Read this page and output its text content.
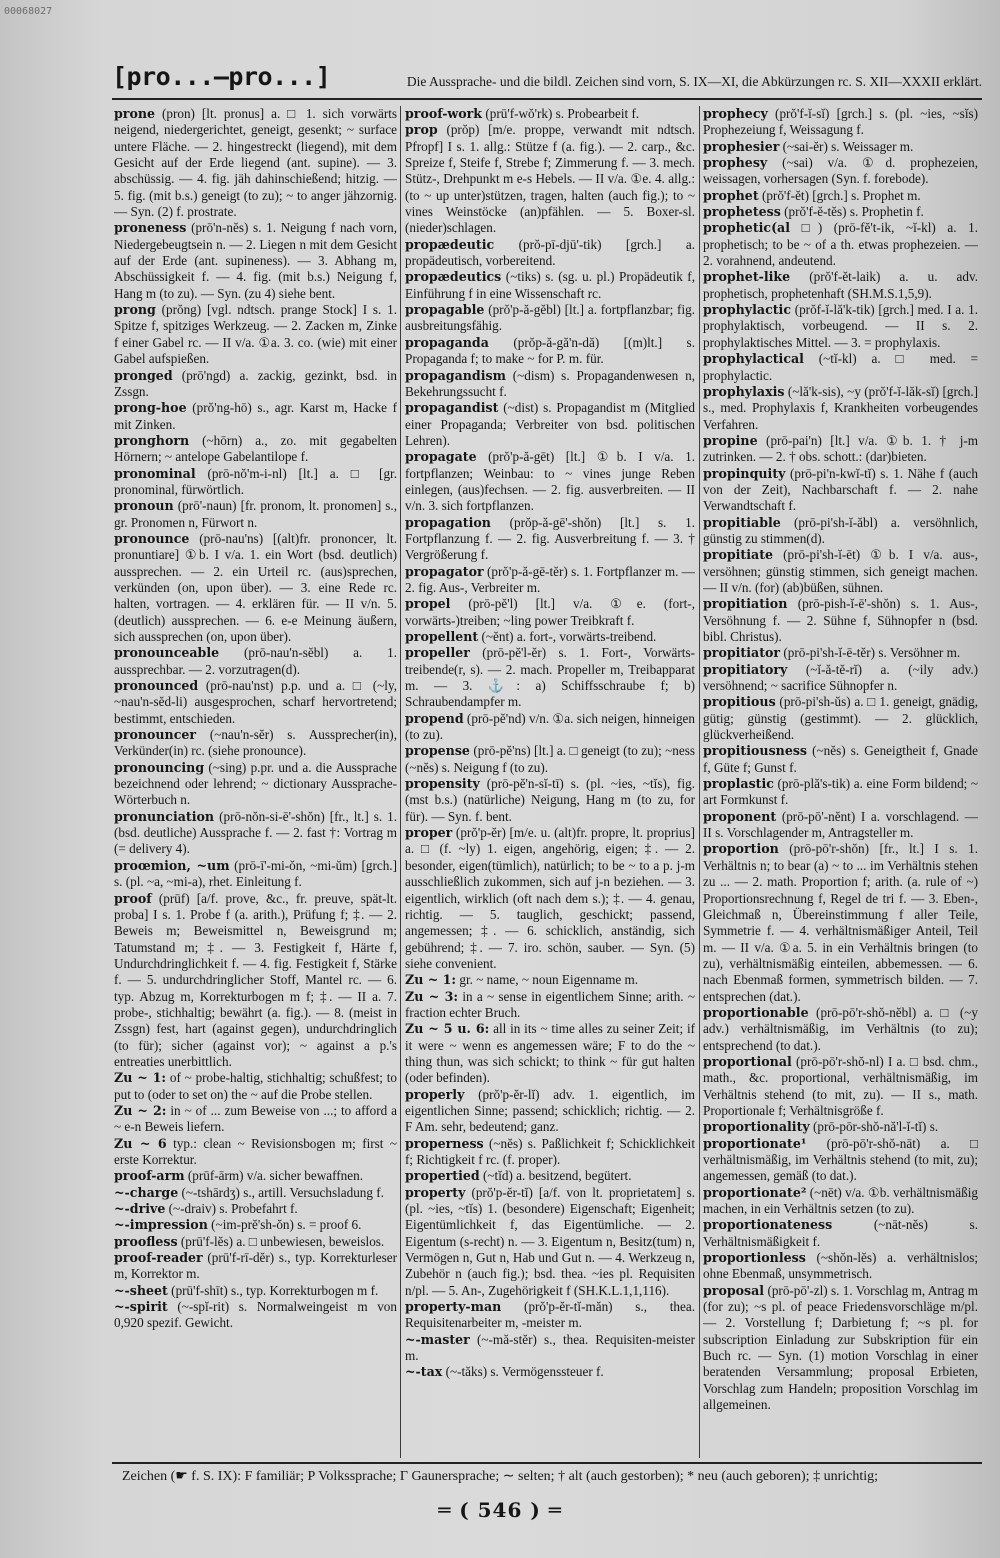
00068027
[pro...—pro...]	Die Aussprache- und die bildl. Zeichen sind vorn, S. IX—XI, die Abkürzungen rc. S. XII—XXXII erklärt.

prone (pron) [lt. pronus] a. □ 1. sich vorwärts neigend, niedergerichtet, geneigt, gesenkt; ~ surface untere Fläche. — 2. hingestreckt (liegend), mit dem Gesicht auf der Erde liegend (ant. supine). — 3. abschüssig. — 4. fig. jäh dahinschießend; hitzig. — 5. fig. (mit b.s.) geneigt (to zu); ~ to anger jähzornig. — Syn. (2) f. prostrate.

proneness (prō'n-nĕs) s. 1. Neigung f nach vorn, Niedergebeugtsein n. — 2. Liegen n mit dem Gesicht auf der Erde (ant. supineness). — 3. Abhang m, Abschüssigkeit f. — 4. fig. (mit b.s.) Neigung f, Hang m (to zu). — Syn. (zu 4) siehe bent.

prong (prŏng) [vgl. ndtsch. prange Stock] I s. 1. Spitze f, spitziges Werkzeug. — 2. Zacken m, Zinke f einer Gabel rc. — II v/a. ①a. 3. co. (wie) mit einer Gabel aufspießen.

pronged (prō'ngd) a. zackig, gezinkt, bsd. in Zssgn.

prong-hoe (prŏ'ng-hō) s., agr. Karst m, Hacke f mit Zinken.

pronghorn (~hōrn) a., zo. mit gegabelten Hörnern; ~ antelope Gabelantilope f.

pronominal (prō-nŏ'm-i-nl) [lt.] a. □ [gr. pronominal, fürwörtlich.

pronoun (prō'-naun) [fr. pronom, lt. pronomen] s., gr. Pronomen n, Fürwort n.

pronounce (prō-nau'ns) [(alt)fr. prononcer, lt. pronuntiare] ①b. I v/a. 1. ein Wort (bsd. deutlich) aussprechen. — 2. ein Urteil rc. (aus)sprechen, verkünden (on, upon über). — 3. eine Rede rc. halten, vortragen. — 4. erklären für. — II v/n. 5. (deutlich) aussprechen. — 6. e-e Meinung äußern, sich aussprechen (on, upon über).

pronounceable (prō-nau'n-sĕbl) a. 1. aussprechbar. — 2. vorzutragen(d).

pronounced (prō-nau'nst) p.p. und a. □ (~ly, ~nau'n-sĕd-li) ausgesprochen, scharf hervortretend; bestimmt, entschieden.

pronouncer (~nau'n-sĕr) s. Aussprecher(in), Verkünder(in) rc. (siehe pronounce).

pronouncing (~sing) p.pr. und a. die Aussprache bezeichnend oder lehrend; ~ dictionary Aussprache-Wörterbuch n.

pronunciation (prō-nŏn-si-ē'-shŏn) [fr., lt.] s. 1. (bsd. deutliche) Aussprache f. — 2. fast †: Vortrag m (= delivery 4).

proœmion, ~um (prō-ī'-mi-ŏn, ~mi-ŭm) [grch.] s. (pl. ~a, ~mi-a), rhet. Einleitung f.

proof (prūf) [a/f. prove, &c., fr. preuve, spät-lt. proba] I s. 1. Probe f (a. arith.), Prüfung f; ‡. — 2. Beweis m; Beweismittel n, Beweisgrund m; Tatumstand m; ‡. — 3. Festigkeit f, Härte f, Undurchdringlichkeit f. — 4. fig. Festigkeit f, Stärke f. — 5. undurchdringlicher Stoff, Mantel rc. — 6. typ. Abzug m, Korrekturbogen m f; ‡. — II a. 7. probe-, stichhaltig; bewährt (a. fig.). — 8. (meist in Zssgn) fest, hart (against gegen), undurchdringlich (to für); sicher (against vor); ~ against a p.'s entreaties unerbittlich.

Zu ~ 1: of ~ probe-haltig, stichhaltig; schußfest; to put to (oder to set on) the ~ auf die Probe stellen.

Zu ~ 2: in ~ of ... zum Beweise von ...; to afford a ~ e-n Beweis liefern.

Zu ~ 6 typ.: clean ~ Revisionsbogen m; first ~ erste Korrektur.

proof-arm (prūf-ārm) v/a. sicher bewaffnen.

~-charge (~-tshārdʒ) s., artill. Versuchsladung f.

~-drive (~-draiv) s. Probefahrt f.

~-impression (~im-prĕ'sh-ŏn) s. = proof 6.

proofless (prū'f-lĕs) a. □ unbewiesen, beweislos.

proof-reader (prū'f-rī-dĕr) s., typ. Korrekturleser m, Korrektor m.

~-sheet (prū'f-shīt) s., typ. Korrekturbogen m f.

~-spirit (~-spĭ-rit) s. Normalweingeist m von 0,920 spezif. Gewicht.

proof-work (prū'f-wŏ'rk) s. Probearbeit f.

prop (prŏp) [m/e. proppe, verwandt mit ndtsch. Pfropf] I s. 1. allg.: Stütze f (a. fig.). — 2. carp., &c. Spreize f, Steife f, Strebe f; Zimmerung f. — 3. mech. Stütz-, Drehpunkt m e-s Hebels. — II v/a. ①e. 4. allg.: (to ~ up unter)stützen, tragen, halten (auch fig.); to ~ vines Weinstöcke (an)pfählen. — 5. Boxer-sl. (nieder)schlagen.

propædeutic (prŏ-pī-djū'-tik) [grch.] a. propädeutisch, vorbereitend.

propædeutics (~tiks) s. (sg. u. pl.) Propädeutik f, Einführung f in eine Wissenschaft rc.

propagable (prŏ'p-ă-gĕbl) [lt.] a. fortpflanzbar; fig. ausbreitungsfähig.

propaganda (prŏp-ă-gă'n-dă) [(m)lt.] s. Propaganda f; to make ~ for P. m. für.

propagandism (~dism) s. Propagandenwesen n, Bekehrungssucht f.

propagandist (~dist) s. Propagandist m (Mitglied einer Propaganda; Verbreiter von bsd. politischen Lehren).

propagate (prŏ'p-ă-gēt) [lt.] ①b. I v/a. 1. fortpflanzen; Weinbau: to ~ vines junge Reben einlegen, (aus)fechsen. — 2. fig. ausverbreiten. — II v/n. 3. sich fortpflanzen.

propagation (prŏp-ă-gē'-shŏn) [lt.] s. 1. Fortpflanzung f. — 2. fig. Ausverbreitung f. — 3. † Vergrößerung f.

propagator (prŏ'p-ă-gē-tĕr) s. 1. Fortpflanzer m. — 2. fig. Aus-, Verbreiter m.

propel (prō-pĕ'l) [lt.] v/a. ①e. (fort-, vorwärts-)treiben; ~ling power Treibkraft f.

propellent (~ĕnt) a. fort-, vorwärts-treibend.

propeller (prō-pĕ'l-ĕr) s. 1. Fort-, Vorwärts-treibende(r, s). — 2. mach. Propeller m, Treibapparat m. — 3. ⚓: a) Schiffsschraube f; b) Schraubendampfer m.

propend (prō-pĕ'nd) v/n. ①a. sich neigen, hinneigen (to zu).

propense (prō-pĕ'ns) [lt.] a. □ geneigt (to zu); ~ness (~nĕs) s. Neigung f (to zu).

propensity (prō-pĕ'n-sĭ-tī) s. (pl. ~ies, ~tĭs), fig. (mst b.s.) (natürliche) Neigung, Hang m (to zu, for für). — Syn. f. bent.

proper (prŏ'p-ĕr) [m/e. u. (alt)fr. propre, lt. proprius] a. □ (f. ~ly) 1. eigen, angehörig, eigen; ‡. — 2. besonder, eigen(tümlich), natürlich; to be ~ to a p. j-m ausschließlich zukommen, sich auf j-n beziehen. — 3. eigentlich, wirklich (oft nach dem s.); ‡. — 4. genau, richtig. — 5. tauglich, geschickt; passend, angemessen; ‡. — 6. schicklich, anständig, sich gebührend; ‡. — 7. iro. schön, sauber. — Syn. (5) siehe convenient.

Zu ~ 1: gr. ~ name, ~ noun Eigenname m.

Zu ~ 3: in a ~ sense in eigentlichem Sinne; arith. ~ fraction echter Bruch.

Zu ~ 5 u. 6: all in its ~ time alles zu seiner Zeit; if it were ~ wenn es angemessen wäre; F to do the ~ thing thun, was sich schickt; to think ~ für gut halten (oder befinden).

properly (prŏ'p-ĕr-lĭ) adv. 1. eigentlich, im eigentlichen Sinne; passend; schicklich; richtig. — 2. F Am. sehr, bedeutend; ganz.

properness (~nĕs) s. Paßlichkeit f; Schicklichkeit f; Richtigkeit f rc. (f. proper).

propertied (~tĭd) a. besitzend, begütert.

property (prŏ'p-ĕr-tĭ) [a/f. von lt. proprietatem] s. (pl. ~ies, ~tĭs) 1. (besondere) Eigenschaft; Eigenheit; Eigentümlichkeit f, das Eigentümliche. — 2. Eigentum (s-recht) n. — 3. Eigentum n, Besitz(tum) n, Vermögen n, Gut n, Hab und Gut n. — 4. Werkzeug n, Zubehör n (auch fig.); bsd. thea. ~ies pl. Requisiten n/pl. — 5. An-, Zugehörigkeit f (SH.K.L.1,1,116).

property-man (prŏ'p-ĕr-tĭ-măn) s., thea. Requisitenarbeiter m, -meister m.

~-master (~-mă-stĕr) s., thea. Requisiten-meister m.

~-tax (~-tăks) s. Vermögenssteuer f.

prophecy (prŏ'f-ĭ-sĭ) [grch.] s. (pl. ~ies, ~sĭs) Prophezeiung f, Weissagung f.

prophesier (~sai-ĕr) s. Weissager m.

prophesy (~sai) v/a. ①d. prophezeien, weissagen, vorhersagen (Syn. f. forebode).

prophet (prŏ'f-ĕt) [grch.] s. Prophet m.

prophetess (prŏ'f-ĕ-tĕs) s. Prophetin f.

prophetic(al □) (prō-fĕ't-ik, ~ĭ-kl) a. 1. prophetisch; to be ~ of a th. etwas prophezeien. — 2. vorahnend, andeutend.

prophet-like (prŏ'f-ĕt-laik) a. u. adv. prophetisch, prophetenhaft (SH.M.S.1,5,9).

prophylactic (prŏf-ĭ-lă'k-tik) [grch.] med. I a. 1. prophylaktisch, vorbeugend. — II s. 2. prophylaktisches Mittel. — 3. = prophylaxis.

prophylactical (~tĭ-kl) a. □ med. = prophylactic.

prophylaxis (~lă'k-sis), ~y (prŏ'f-ĭ-lăk-sĭ) [grch.] s., med. Prophylaxis f, Krankheiten vorbeugendes Verfahren.

propine (prō-pai'n) [lt.] v/a. ①b. 1. † j-m zutrinken. — 2. † obs. schott.: (dar)bieten.

propinquity (prō-pi'n-kwĭ-tĭ) s. 1. Nähe f (auch von der Zeit), Nachbarschaft f. — 2. nahe Verwandtschaft f.

propitiable (prō-pi'sh-ĭ-ăbl) a. versöhnlich, günstig zu stimmen(d).

propitiate (prō-pi'sh-ĭ-ēt) ①b. I v/a. aus-, versöhnen; günstig stimmen, sich geneigt machen. — II v/n. (for) (ab)büßen, sühnen.

propitiation (prō-pish-ĭ-ē'-shŏn) s. 1. Aus-, Versöhnung f. — 2. Sühne f, Sühnopfer n (bsd. bibl. Christus).

propitiator (prō-pi'sh-ĭ-ē-tĕr) s. Versöhner m.

propitiatory (~ĭ-ă-tĕ-rĭ) a. (~ily adv.) versöhnend; ~ sacrifice Sühnopfer n.

propitious (prō-pi'sh-ŭs) a. □ 1. geneigt, gnädig, gütig; günstig (gestimmt). — 2. glücklich, glückverheißend.

propitiousness (~nĕs) s. Geneigtheit f, Gnade f, Güte f; Gunst f.

proplastic (prō-plă's-tik) a. eine Form bildend; ~ art Formkunst f.

proponent (prō-pō'-nĕnt) I a. vorschlagend. — II s. Vorschlagender m, Antragsteller m.

proportion (prō-pō'r-shŏn) [fr., lt.] I s. 1. Verhältnis n; to bear (a) ~ to ... im Verhältnis stehen zu ... — 2. math. Proportion f; arith. (a. rule of ~) Proportionsrechnung f, Regel de tri f. — 3. Eben-, Gleichmaß n, Übereinstimmung f aller Teile, Symmetrie f. — 4. verhältnismäßiger Anteil, Teil m. — II v/a. ①a. 5. in ein Verhältnis bringen (to zu), verhältnismäßig einteilen, abbemessen. — 6. nach Ebenmaß formen, symmetrisch bilden. — 7. entsprechen (dat.).

proportionable (prō-pō'r-shŏ-nĕbl) a. □ (~y adv.) verhältnismäßig, im Verhältnis (to zu); entsprechend (to dat.).

proportional (prō-pō'r-shŏ-nl) I a. □ bsd. chm., math., &c. proportional, verhältnismäßig, im Verhältnis stehend (to mit, zu). — II s., math. Proportionale f; Verhältnisgröße f.

proportionality (prō-pōr-shŏ-nă'l-ĭ-tĭ) s.

proportionate¹ (prō-pō'r-shŏ-nāt) a. □ verhältnismäßig, im Verhältnis stehend (to mit, zu); angemessen, gemäß (to dat.).

proportionate² (~nēt) v/a. ①b. verhältnismäßig machen, in ein Verhältnis setzen (to zu).

proportionateness	(~nāt-nĕs) s. Verhältnismäßigkeit f.

proportionless (~shŏn-lĕs) a. verhältnislos; ohne Ebenmaß, unsymmetrisch.

proposal (prō-pō'-zl) s. 1. Vorschlag m, Antrag m (for zu); ~s pl. of peace Friedensvorschläge m/pl. — 2. Vorstellung f; Darbietung f; ~s pl. for subscription Einladung zur Subskription für ein Buch rc. — Syn. (1) motion Vorschlag in einer beratenden Versammlung; proposal Erbieten, Vorschlag zum Handeln; proposition Vorschlag im allgemeinen.

Zeichen (☛ f. S. IX): F familiär; P Volkssprache; Γ Gaunersprache; ∼ selten; † alt (auch gestorben); * neu (auch geboren); ‡ unrichtig;
═ ( 546 ) ═
